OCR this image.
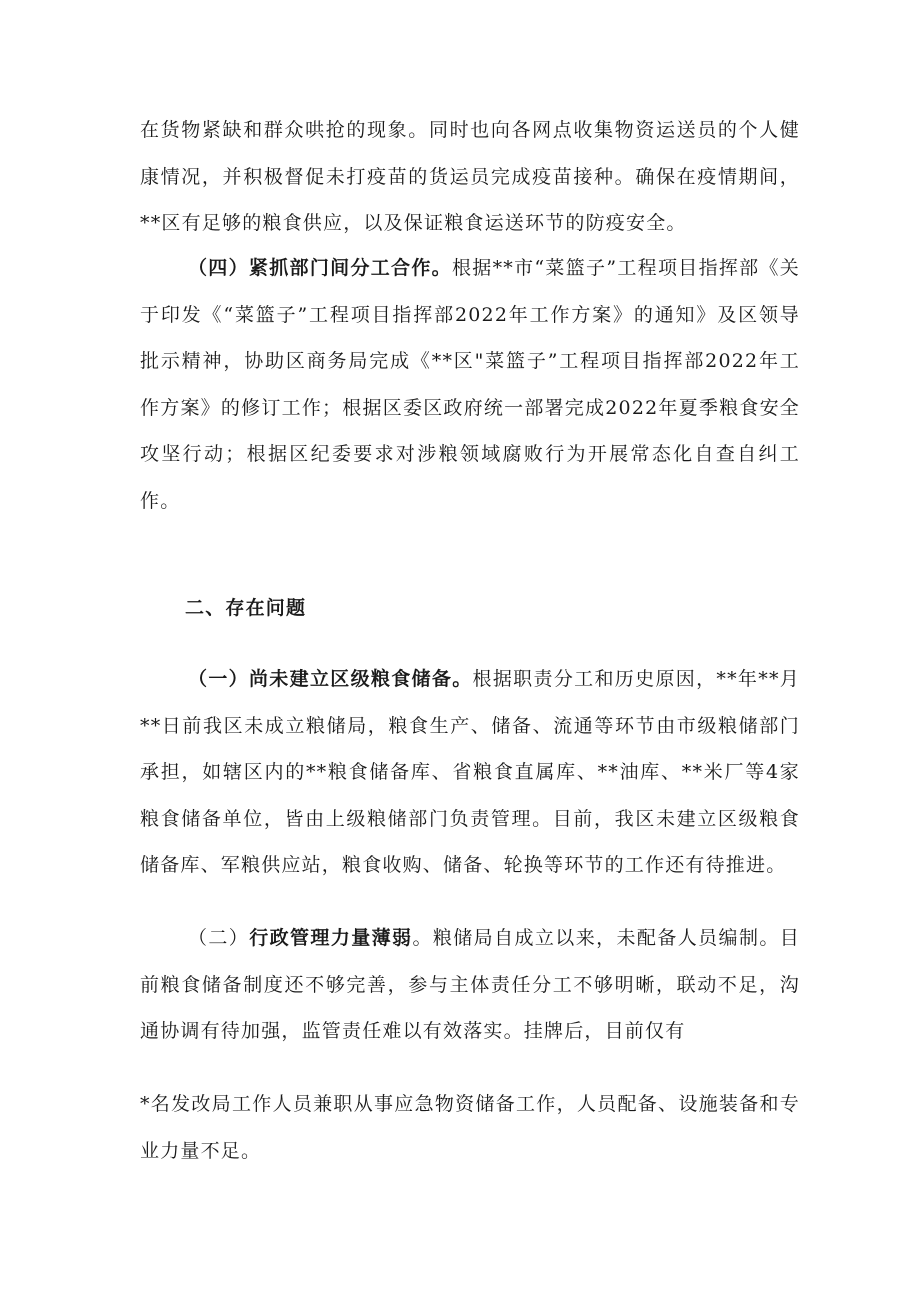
在货物紧缺和群众哄抢的现象。同时也向各网点收集物资运送员的个人健康情况，并积极督促未打疫苗的货运员完成疫苗接种。确保在疫情期间，**区有足够的粮食供应，以及保证粮食运送环节的防疫安全。

（四）紧抓部门间分工合作。根据**市“菜篮子”工程项目指挥部《关于印发《“菜篮子”工程项目指挥部2022年工作方案》的通知》及区领导批示精神，协助区商务局完成《**区"菜篮子”工程项目指挥部2022年工作方案》的修订工作；根据区委区政府统一部署完成2022年夏季粮食安全攻坚行动；根据区纪委要求对涉粮领域腐败行为开展常态化自查自纠工作。

二、存在问题

（一）尚未建立区级粮食储备。根据职责分工和历史原因，**年**月**日前我区未成立粮储局，粮食生产、储备、流通等环节由市级粮储部门承担，如辖区内的**粮食储备库、省粮食直属库、**油库、**米厂等4家粮食储备单位，皆由上级粮储部门负责管理。目前，我区未建立区级粮食储备库、军粮供应站，粮食收购、储备、轮换等环节的工作还有待推进。

（二）行政管理力量薄弱。粮储局自成立以来，未配备人员编制。目前粮食储备制度还不够完善，参与主体责任分工不够明晰，联动不足，沟通协调有待加强，监管责任难以有效落实。挂牌后，目前仅有

*名发改局工作人员兼职从事应急物资储备工作，人员配备、设施装备和专业力量不足。
